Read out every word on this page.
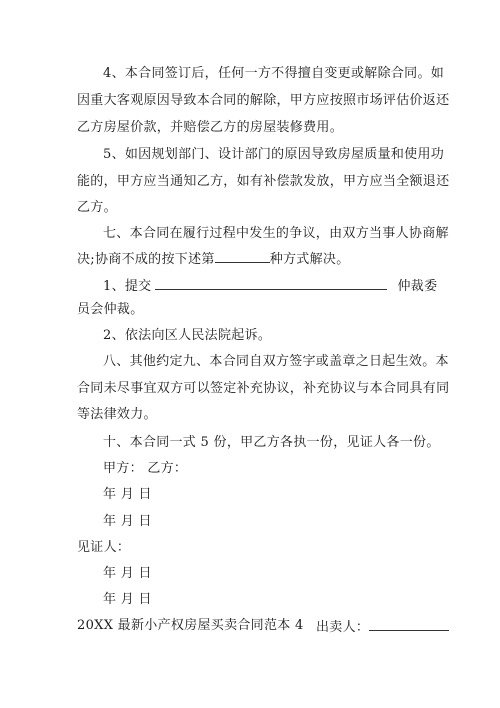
4、本合同签订后，任何一方不得擅自变更或解除合同。如
因重大客观原因导致本合同的解除，甲方应按照市场评估价返还
乙方房屋价款，并赔偿乙方的房屋装修费用。
5、如因规划部门、设计部门的原因导致房屋质量和使用功
能的，甲方应当通知乙方，如有补偿款发放，甲方应当全额退还
乙方。
七、本合同在履行过程中发生的争议，由双方当事人协商解
决;协商不成的按下述第	种方式解决。
1、提交	仲裁委
员会仲裁。
2、依法向区人民法院起诉。
八、其他约定九、本合同自双方签字或盖章之日起生效。本
合同未尽事宜双方可以签定补充协议，补充协议与本合同具有同
等法律效力。
十、本合同一式 5 份，甲乙方各执一份，见证人各一份。
甲方： 乙方：
年 月 日
年 月 日
见证人：
年 月 日
年 月 日
20XX 最新小产权房屋买卖合同范本 4 出卖人：
